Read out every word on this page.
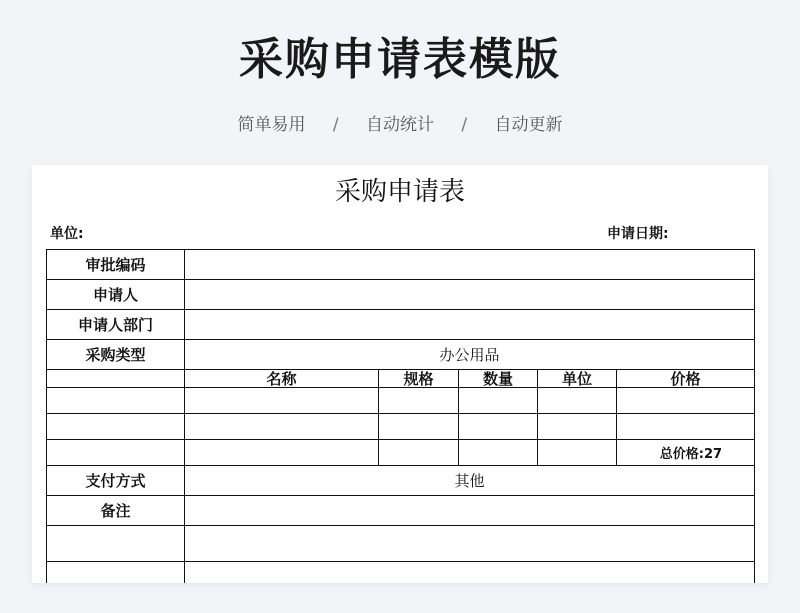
采购申请表模版
简单易用 / 自动统计 / 自动更新
采购申请表
单位:	申请日期:
审批编码					
申请人					
申请人部门					
采购类型	办公用品				
	名称	规格	数量	单位	价格

					总价格:27
支付方式	其他				
备注					
